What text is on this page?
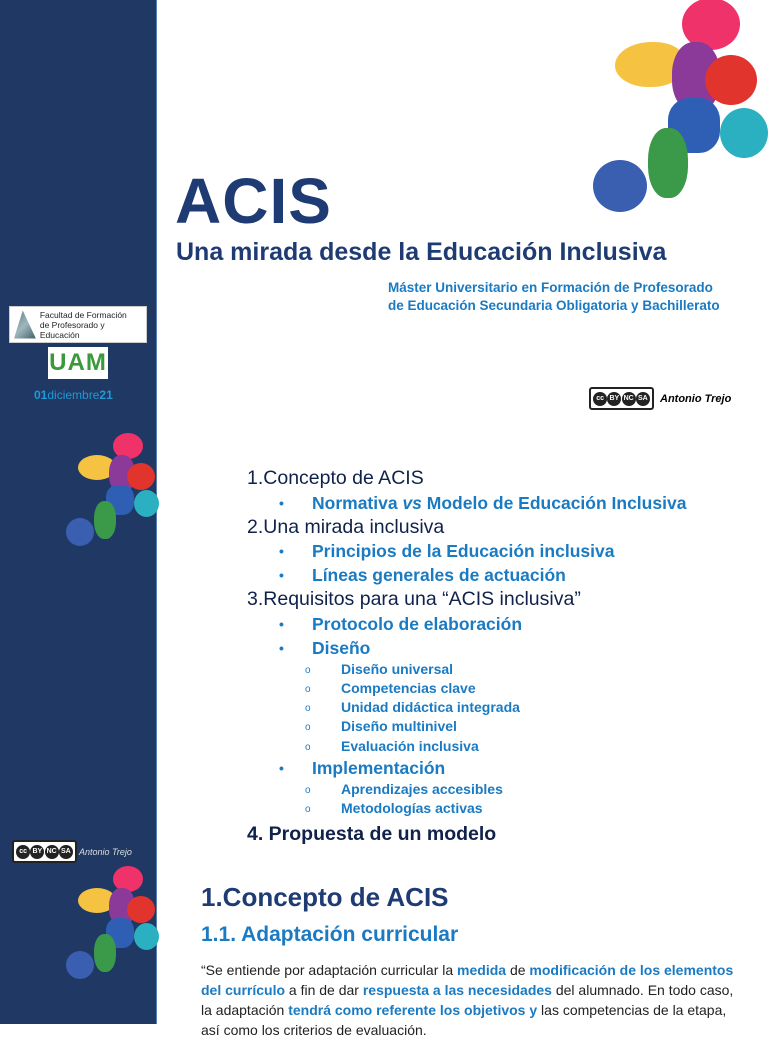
ACIS
Una mirada desde la Educación Inclusiva
Máster Universitario en Formación de Profesorado
de Educación Secundaria Obligatoria y Bachillerato
Facultad de Formación
de Profesorado y Educación
UAM
01diciembre21	cc BY NC SA Antonio Trejo
cc BY NC SA Antonio Trejo
1.Concepto de ACIS
• Normativa vs Modelo de Educación Inclusiva
2.Una mirada inclusiva
• Principios de la Educación inclusiva
• Líneas generales de actuación
3.Requisitos para una “ACIS inclusiva”
• Protocolo de elaboración
• Diseño
o Diseño universal
o Competencias clave
o Unidad didáctica integrada
o Diseño multinivel
o Evaluación inclusiva
• Implementación
o Aprendizajes accesibles
o Metodologías activas
4. Propuesta de un modelo
1.Concepto de ACIS
1.1. Adaptación curricular
“Se entiende por adaptación curricular la medida de modificación de los elementos del currículo a fin de dar respuesta a las necesidades del alumnado. En todo caso, la adaptación tendrá como referente los objetivos y las competencias de la etapa, así como los criterios de evaluación.
